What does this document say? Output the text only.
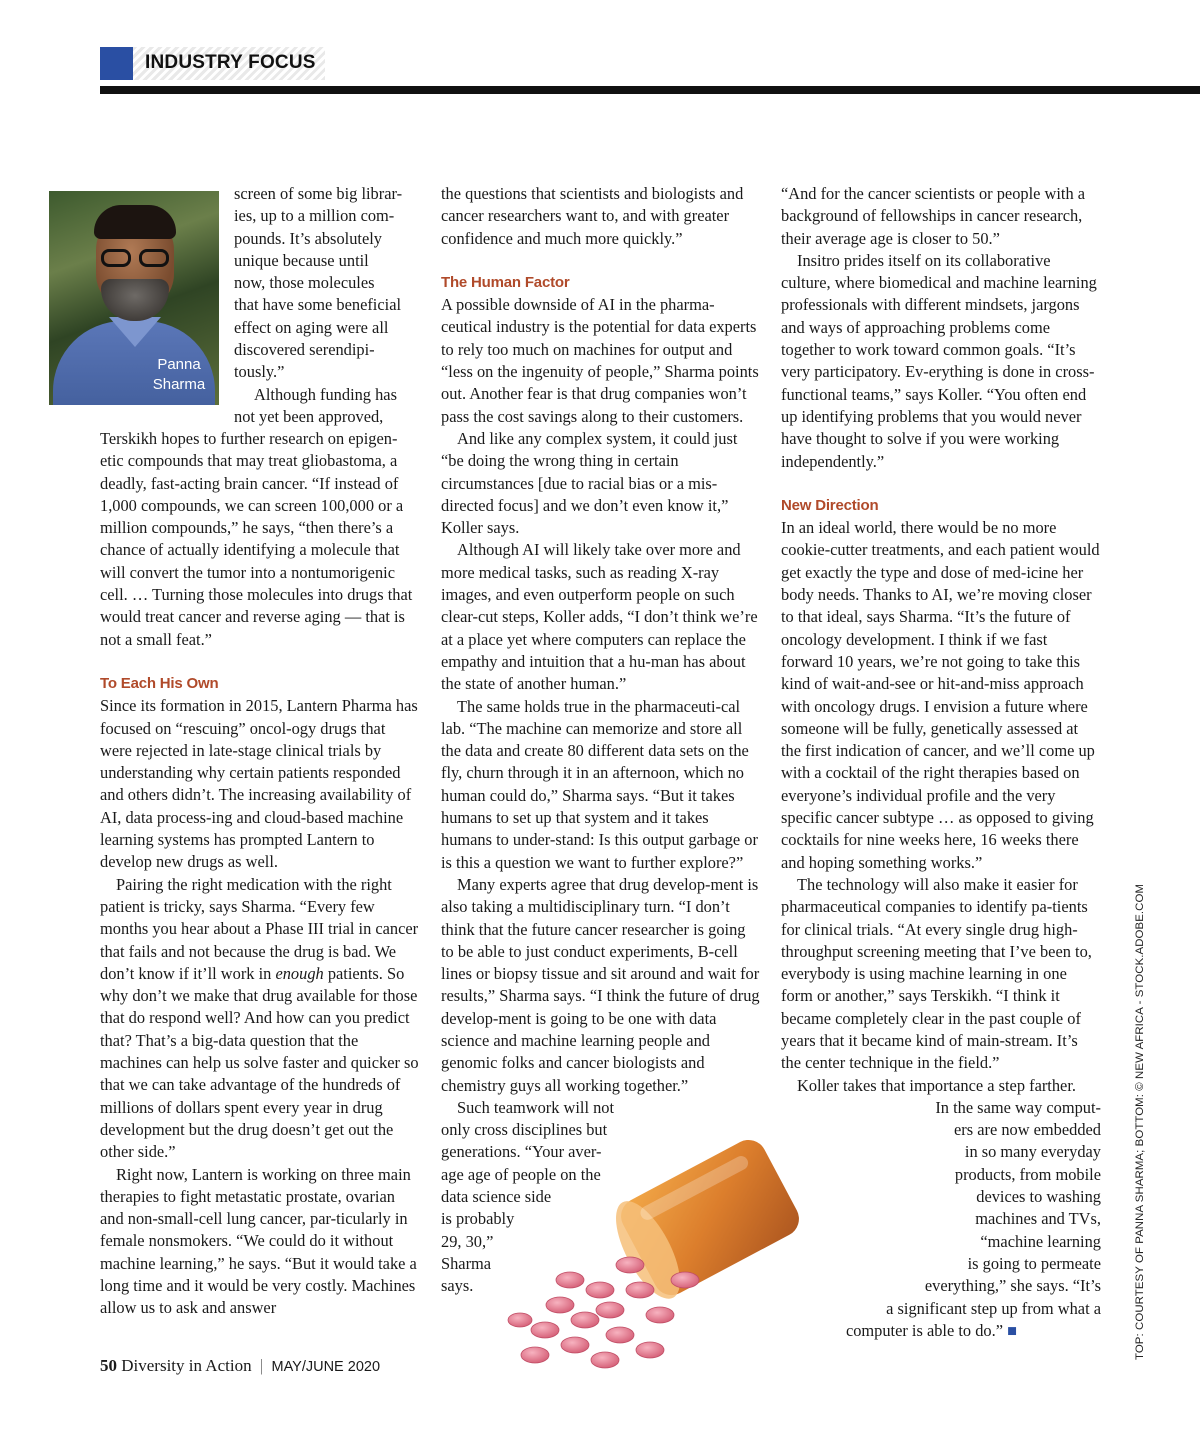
INDUSTRY FOCUS
Panna
Sharma
screen of some big librar-
ies, up to a million com-
pounds. It’s absolutely
unique because until
now, those molecules
that have some beneficial
effect on aging were all
discovered serendipi-
tously.”
Although funding has
not yet been approved,

Terskikh hopes to further research on epigen-etic compounds that may treat gliobastoma, a deadly, fast-acting brain cancer. “If instead of 1,000 compounds, we can screen 100,000 or a million compounds,” he says, “then there’s a chance of actually identifying a molecule that will convert the tumor into a nontumorigenic cell. … Turning those molecules into drugs that would treat cancer and reverse aging — that is not a small feat.”

To Each His Own

Since its formation in 2015, Lantern Pharma has focused on “rescuing” oncol-ogy drugs that were rejected in late-stage clinical trials by understanding why certain patients responded and others didn’t. The increasing availability of AI, data process-ing and cloud-based machine learning systems has prompted Lantern to develop new drugs as well.

Pairing the right medication with the right patient is tricky, says Sharma. “Every few months you hear about a Phase III trial in cancer that fails and not because the drug is bad. We don’t know if it’ll work in enough patients. So why don’t we make that drug available for those that do respond well? And how can you predict that? That’s a big-data question that the machines can help us solve faster and quicker so that we can take advantage of the hundreds of millions of dollars spent every year in drug development but the drug doesn’t get out the other side.”

Right now, Lantern is working on three main therapies to fight metastatic prostate, ovarian and non-small-cell lung cancer, par-ticularly in female nonsmokers. “We could do it without machine learning,” he says. “But it would take a long time and it would be very costly. Machines allow us to ask and answer

the questions that scientists and biologists and cancer researchers want to, and with greater confidence and much more quickly.”

The Human Factor

A possible downside of AI in the pharma-ceutical industry is the potential for data experts to rely too much on machines for output and “less on the ingenuity of people,” Sharma points out. Another fear is that drug companies won’t pass the cost savings along to their customers.

And like any complex system, it could just “be doing the wrong thing in certain circumstances [due to racial bias or a mis-directed focus] and we don’t even know it,” Koller says.

Although AI will likely take over more and more medical tasks, such as reading X-ray images, and even outperform people on such clear-cut steps, Koller adds, “I don’t think we’re at a place yet where computers can replace the empathy and intuition that a hu-man has about the state of another human.”

The same holds true in the pharmaceuti-cal lab. “The machine can memorize and store all the data and create 80 different data sets on the fly, churn through it in an afternoon, which no human could do,” Sharma says. “But it takes humans to set up that system and it takes humans to under-stand: Is this output garbage or is this a question we want to further explore?”

Many experts agree that drug develop-ment is also taking a multidisciplinary turn. “I don’t think that the future cancer researcher is going to be able to just conduct experiments, B-cell lines or biopsy tissue and sit around and wait for results,” Sharma says. “I think the future of drug develop-ment is going to be one with data science and machine learning people and genomic folks and cancer biologists and chemistry guys all working together.”

Such teamwork will not
only cross disciplines but
generations. “Your aver-
age age of people on the
data science side
is probably
29, 30,”
Sharma
says.

“And for the cancer scientists or people with a background of fellowships in cancer research, their average age is closer to 50.”

Insitro prides itself on its collaborative culture, where biomedical and machine learning professionals with different mindsets, jargons and ways of approaching problems come together to work toward common goals. “It’s very participatory. Ev-erything is done in cross-functional teams,” says Koller. “You often end up identifying problems that you would never have thought to solve if you were working independently.”

New Direction

In an ideal world, there would be no more cookie-cutter treatments, and each patient would get exactly the type and dose of med-icine her body needs. Thanks to AI, we’re moving closer to that ideal, says Sharma. “It’s the future of oncology development. I think if we fast forward 10 years, we’re not going to take this kind of wait-and-see or hit-and-miss approach with oncology drugs. I envision a future where someone will be fully, genetically assessed at the first indication of cancer, and we’ll come up with a cocktail of the right therapies based on everyone’s individual profile and the very specific cancer subtype … as opposed to giving cocktails for nine weeks here, 16 weeks there and hoping something works.”

The technology will also make it easier for pharmaceutical companies to identify pa-tients for clinical trials. “At every single drug high-throughput screening meeting that I’ve been to, everybody is using machine learning in one form or another,” says Terskikh. “I think it became completely clear in the past couple of years that it became kind of main-stream. It’s the center technique in the field.”

Koller takes that importance a step farther.

In the same way comput-
ers are now embedded
in so many everyday
products, from mobile
devices to washing
machines and TVs,
“machine learning
is going to permeate
everything,” she says. “It’s
a significant step up from what a
computer is able to do.” ■	TOP: COURTESY OF PANNA SHARMA; BOTTOM: © NEW AFRICA - STOCK.ADOBE.COM
50 Diversity in Action | MAY/JUNE 2020
